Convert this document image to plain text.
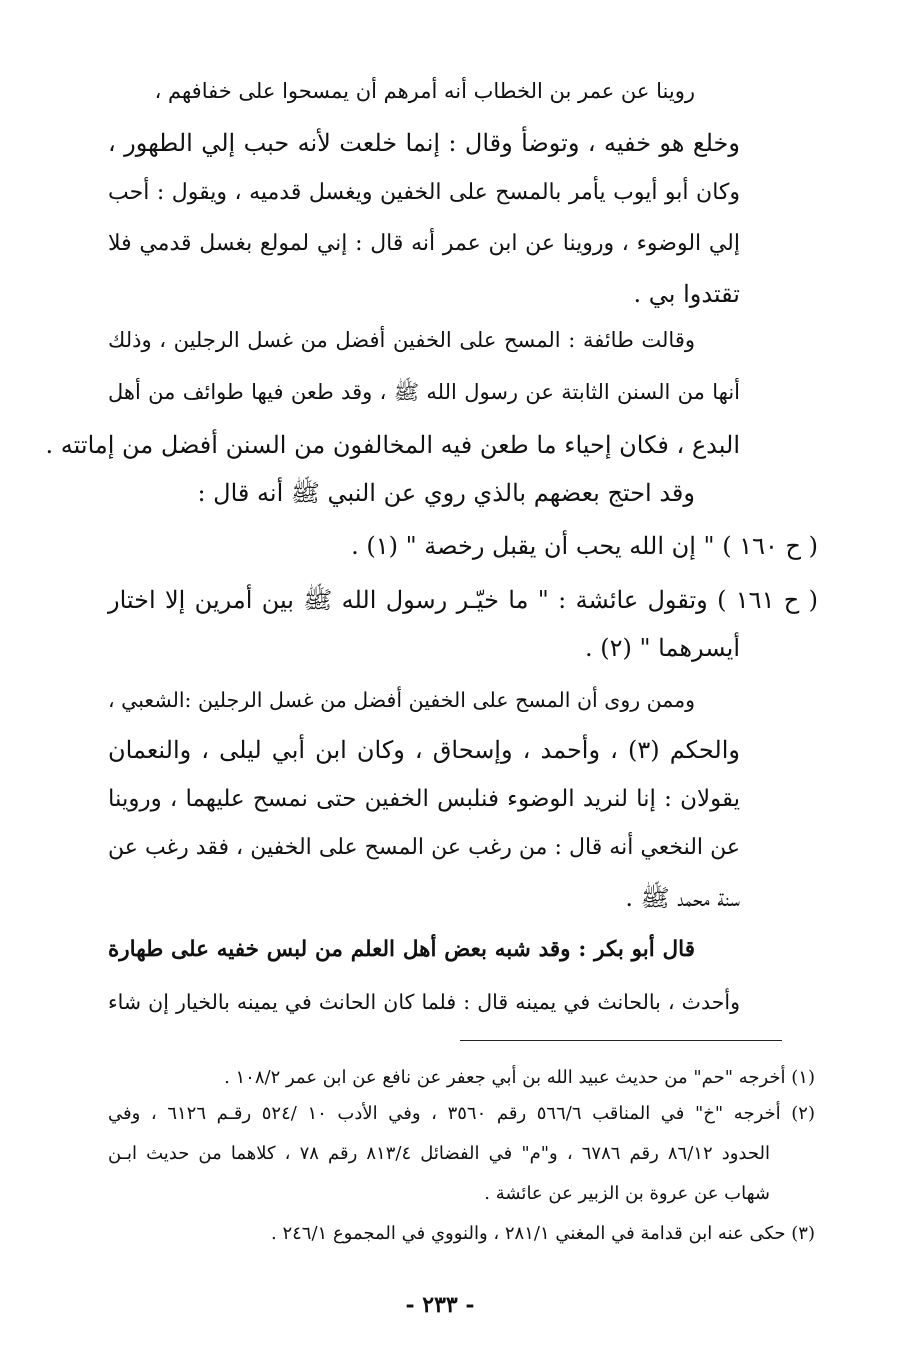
روينا عن عمر بن الخطاب أنه أمرهم أن يمسحوا على خفافهم ،

وخلع هو خفيه ، وتوضأ وقال : إنما خلعت لأنه حبب إلي الطهور ،

وكان أبو أيوب يأمر بالمسح على الخفين ويغسل قدميه ، ويقول : أحب

إلي الوضوء ، وروينا عن ابن عمر أنه قال : إني لمولع بغسل قدمي فلا

تقتدوا بي .

وقالت طائفة : المسح على الخفين أفضل من غسل الرجلين ، وذلك

أنها من السنن الثابتة عن رسول الله ﷺ ، وقد طعن فيها طوائف من أهل

البدع ، فكان إحياء ما طعن فيه المخالفون من السنن أفضل من إماتته .

وقد احتج بعضهم بالذي روي عن النبي ﷺ أنه قال :

( ح ١٦٠ ) " إن الله يحب أن يقبل رخصة " (١) .

( ح ١٦١ ) وتقول عائشة : " ما خيّـر رسول الله ﷺ بين أمرين إلا اختار

أيسرهما " (٢) .

وممن روى أن المسح على الخفين أفضل من غسل الرجلين :الشعبي ،

والحكم (٣) ، وأحمد ، وإسحاق ، وكان ابن أبي ليلى ، والنعمان

يقولان : إنا لنريد الوضوء فنلبس الخفين حتى نمسح عليهما ، وروينا

عن النخعي أنه قال : من رغب عن المسح على الخفين ، فقد رغب عن

سنة محمد ﷺ .

قال أبو بكر : وقد شبه بعض أهل العلم من لبس خفيه على طهارة

وأحدث ، بالحانث في يمينه قال : فلما كان الحانث في يمينه بالخيار إن شاء

(١) أخرجه "حم" من حديث عبيد الله بن أبي جعفر عن نافع عن ابن عمر ١٠٨/٢ .

(٢) أخرجه "خ" في المناقب ٥٦٦/٦ رقم ٣٥٦٠ ، وفي الأدب ١٠ /٥٢٤ رقـم ٦١٢٦ ، وفي

الحدود ٨٦/١٢ رقم ٦٧٨٦ ، و"م" في الفضائل ٨١٣/٤ رقم ٧٨ ، كلاهما من حديث ابـن

شهاب عن عروة بن الزبير عن عائشة .

(٣) حكى عنه ابن قدامة في المغني ٢٨١/١ ، والنووي في المجموع ٢٤٦/١ .

- ٢٣٣ -
